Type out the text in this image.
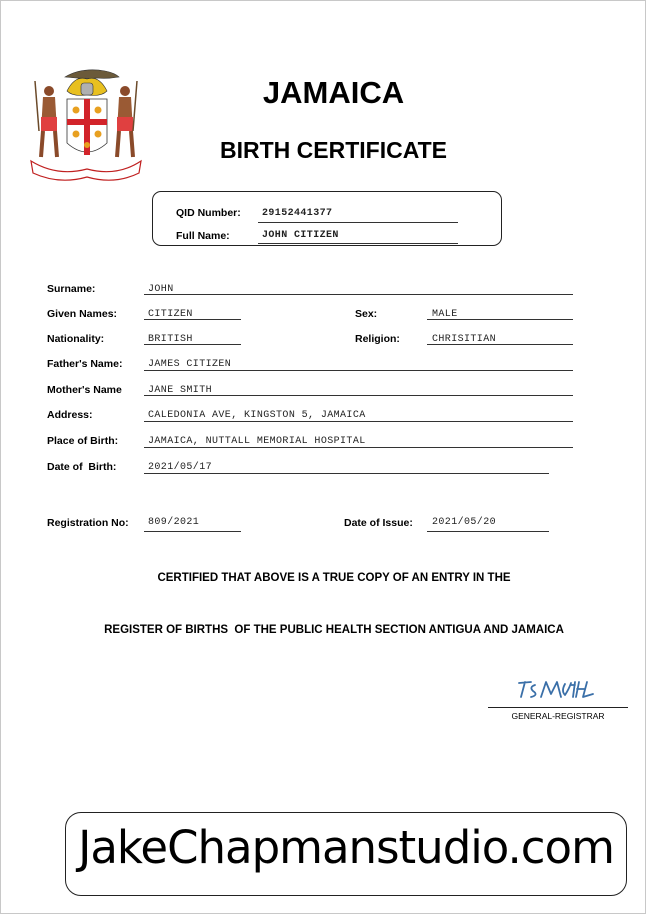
JAMAICA
BIRTH CERTIFICATE
QID Number: 29152441377
Full Name:	JOHN CITIZEN
Surname:	JOHN
Given Names:	CITIZEN	Sex:	MALE
Nationality:	BRITISH	Religion:	CHRISITIAN
Father's Name:	JAMES CITIZEN
Mother's Name	JANE SMITH
Address:	CALEDONIA AVE, KINGSTON 5, JAMAICA
Place of Birth:	JAMAICA, NUTTALL MEMORIAL HOSPITAL
Date of  Birth:	2021/05/17
Registration No: 809/2021	Date of Issue: 2021/05/20
CERTIFIED THAT ABOVE IS A TRUE COPY OF AN ENTRY IN THE
REGISTER OF BIRTHS  OF THE PUBLIC HEALTH SECTION ANTIGUA AND JAMAICA
GENERAL-REGISTRAR
JakeChapmanstudio.com
